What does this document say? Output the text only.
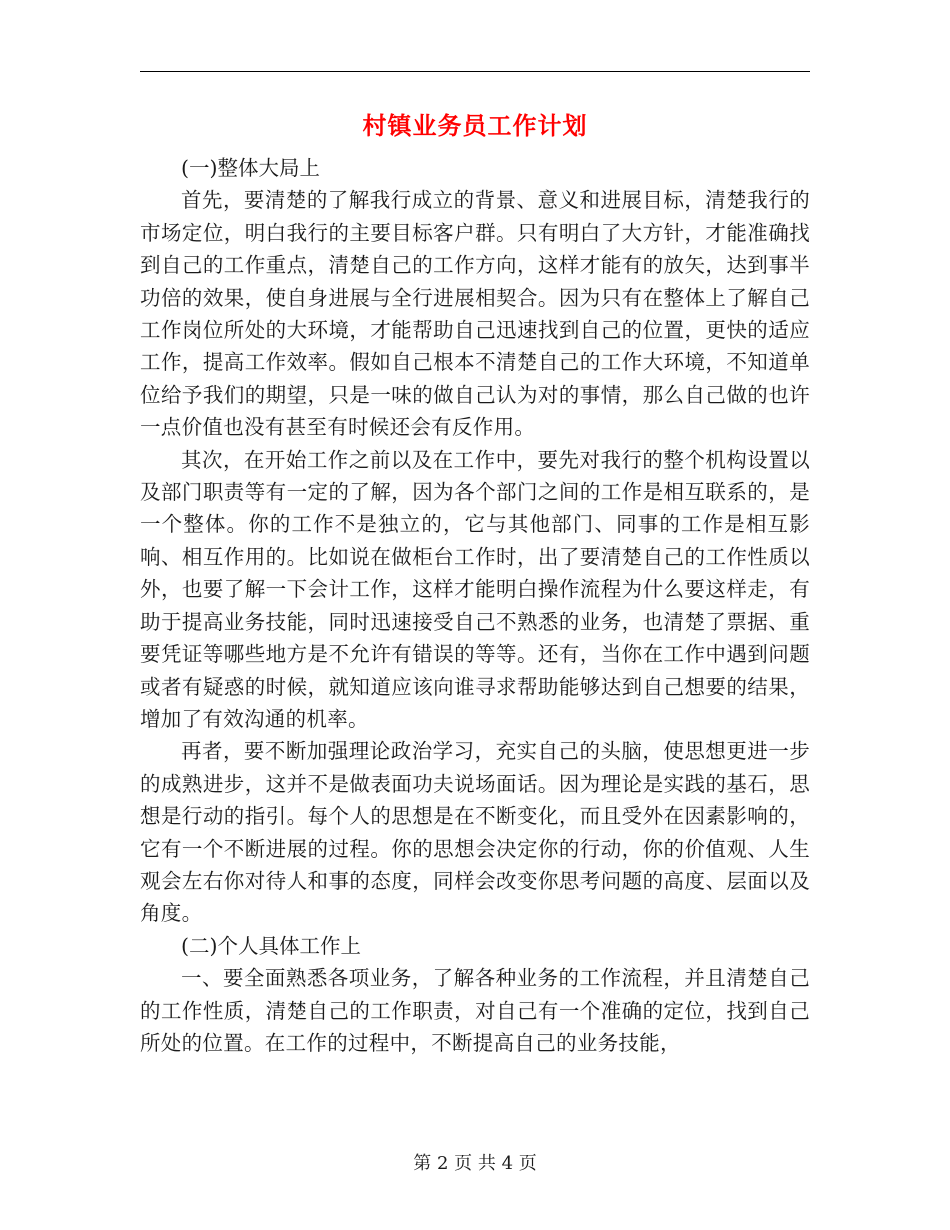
村镇业务员工作计划

(一)整体大局上

首先，要清楚的了解我行成立的背景、意义和进展目标，清楚我行的市场定位，明白我行的主要目标客户群。只有明白了大方针，才能准确找到自己的工作重点，清楚自己的工作方向，这样才能有的放矢，达到事半功倍的效果，使自身进展与全行进展相契合。因为只有在整体上了解自己工作岗位所处的大环境，才能帮助自己迅速找到自己的位置，更快的适应工作，提高工作效率。假如自己根本不清楚自己的工作大环境，不知道单位给予我们的期望，只是一味的做自己认为对的事情，那么自己做的也许一点价值也没有甚至有时候还会有反作用。

其次，在开始工作之前以及在工作中，要先对我行的整个机构设置以及部门职责等有一定的了解，因为各个部门之间的工作是相互联系的，是一个整体。你的工作不是独立的，它与其他部门、同事的工作是相互影响、相互作用的。比如说在做柜台工作时，出了要清楚自己的工作性质以外，也要了解一下会计工作，这样才能明白操作流程为什么要这样走，有助于提高业务技能，同时迅速接受自己不熟悉的业务，也清楚了票据、重要凭证等哪些地方是不允许有错误的等等。还有，当你在工作中遇到问题或者有疑惑的时候，就知道应该向谁寻求帮助能够达到自己想要的结果，增加了有效沟通的机率。

再者，要不断加强理论政治学习，充实自己的头脑，使思想更进一步的成熟进步，这并不是做表面功夫说场面话。因为理论是实践的基石，思想是行动的指引。每个人的思想是在不断变化，而且受外在因素影响的，它有一个不断进展的过程。你的思想会决定你的行动，你的价值观、人生观会左右你对待人和事的态度，同样会改变你思考问题的高度、层面以及角度。

(二)个人具体工作上

一、要全面熟悉各项业务，了解各种业务的工作流程，并且清楚自己的工作性质，清楚自己的工作职责，对自己有一个准确的定位，找到自己所处的位置。在工作的过程中，不断提高自己的业务技能，

第 2 页 共 4 页
